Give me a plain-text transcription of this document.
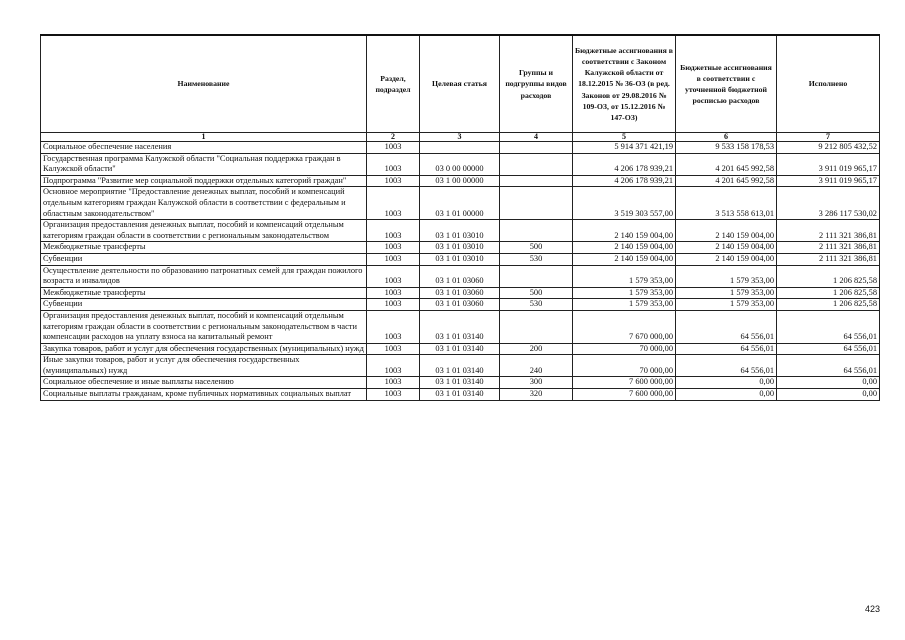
Наименование	Раздел, подраздел	Целевая статья	Группы и подгруппы видов расходов	Бюджетные ассигнования в соответствии с Законом Калужской области от 18.12.2015 № 36-ОЗ (в ред. Законов от 29.08.2016 № 109-ОЗ, от 15.12.2016 № 147-ОЗ)	Бюджетные ассигнования в соответствии с уточненной бюджетной росписью расходов	Исполнено
1	2	3	4	5	6	7
Социальное обеспечение населения	1003			5 914 371 421,19	9 533 158 178,53	9 212 805 432,52
Государственная программа Калужской области "Социальная поддержка граждан в Калужской области"	1003	03 0 00 00000		4 206 178 939,21	4 201 645 992,58	3 911 019 965,17
Подпрограмма "Развитие мер социальной поддержки отдельных категорий граждан"	1003	03 1 00 00000		4 206 178 939,21	4 201 645 992,58	3 911 019 965,17
Основное мероприятие "Предоставление денежных выплат, пособий и компенсаций отдельным категориям граждан Калужской области в соответствии с федеральным и областным законодательством"	1003	03 1 01 00000		3 519 303 557,00	3 513 558 613,01	3 286 117 530,02
Организация предоставления денежных выплат, пособий и компенсаций отдельным категориям граждан области в соответствии с региональным законодательством	1003	03 1 01 03010		2 140 159 004,00	2 140 159 004,00	2 111 321 386,81
Межбюджетные трансферты	1003	03 1 01 03010	500	2 140 159 004,00	2 140 159 004,00	2 111 321 386,81
Субвенции	1003	03 1 01 03010	530	2 140 159 004,00	2 140 159 004,00	2 111 321 386,81
Осуществление деятельности по образованию патронатных семей для граждан пожилого возраста и инвалидов	1003	03 1 01 03060		1 579 353,00	1 579 353,00	1 206 825,58
Межбюджетные трансферты	1003	03 1 01 03060	500	1 579 353,00	1 579 353,00	1 206 825,58
Субвенции	1003	03 1 01 03060	530	1 579 353,00	1 579 353,00	1 206 825,58
Организация предоставления денежных выплат, пособий и компенсаций отдельным категориям граждан области в соответствии с региональным законодательством в части компенсации расходов на уплату взноса на капитальный ремонт	1003	03 1 01 03140		7 670 000,00	64 556,01	64 556,01
Закупка товаров, работ и услуг для обеспечения государственных (муниципальных) нужд	1003	03 1 01 03140	200	70 000,00	64 556,01	64 556,01
Иные закупки товаров, работ и услуг для обеспечения государственных (муниципальных) нужд	1003	03 1 01 03140	240	70 000,00	64 556,01	64 556,01
Социальное обеспечение и иные выплаты населению	1003	03 1 01 03140	300	7 600 000,00	0,00	0,00
Социальные выплаты гражданам, кроме публичных нормативных социальных выплат	1003	03 1 01 03140	320	7 600 000,00	0,00	0,00
423
